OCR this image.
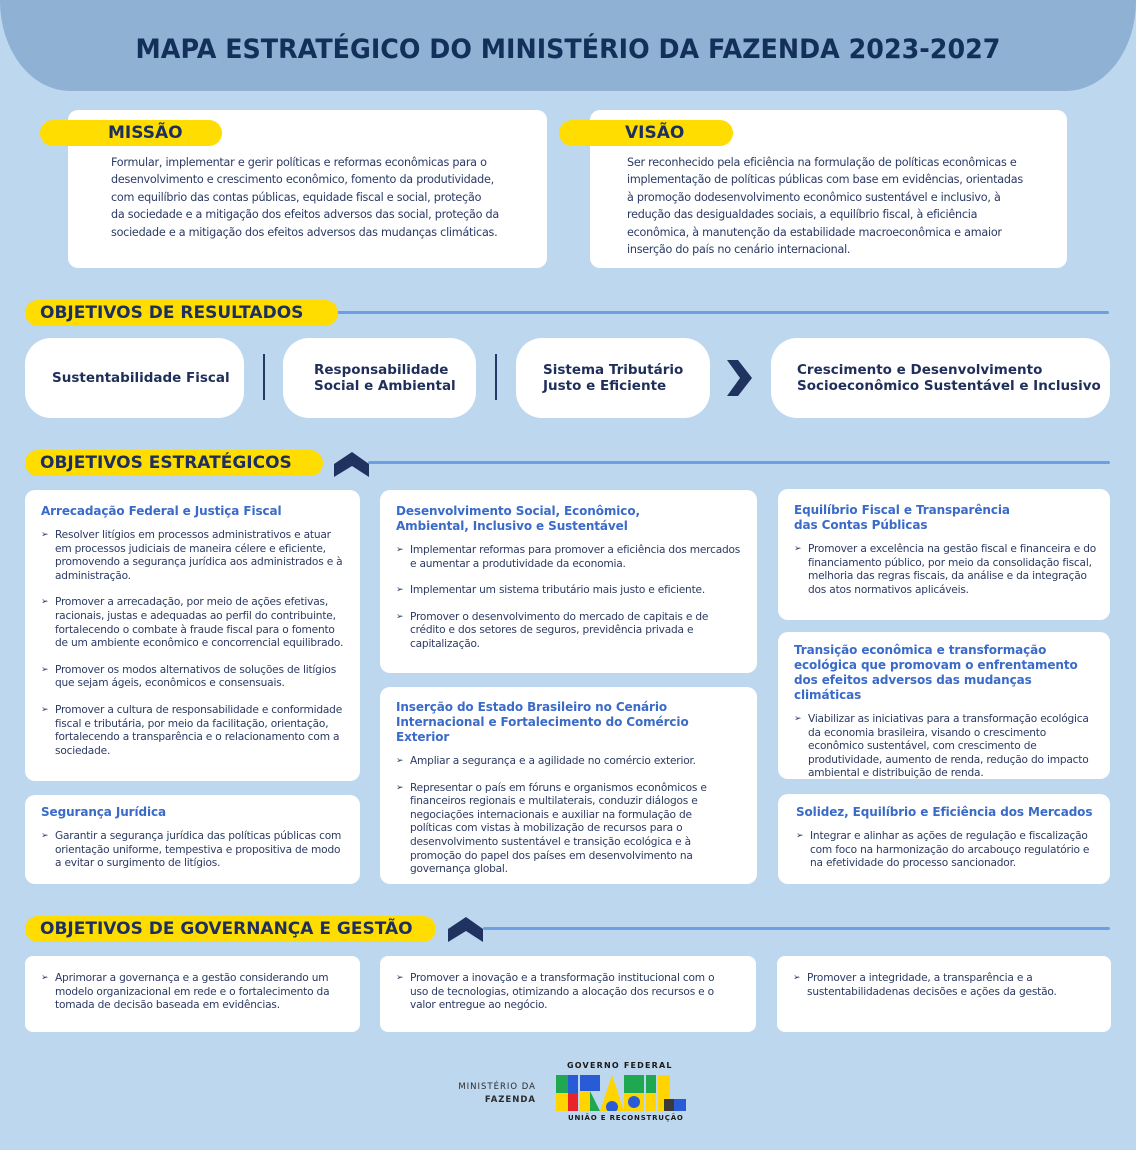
MAPA ESTRATÉGICO DO MINISTÉRIO DA FAZENDA 2023-2027
MISSÃO
Formular, implementar e gerir políticas e reformas econômicas para o
desenvolvimento e crescimento econômico, fomento da produtividade,
com equilíbrio das contas públicas, equidade fiscal e social, proteção
da sociedade e a mitigação dos efeitos adversos das social, proteção da
sociedade e a mitigação dos efeitos adversos das mudanças climáticas.
VISÃO
Ser reconhecido pela eficiência na formulação de políticas econômicas e
implementação de políticas públicas com base em evidências, orientadas
à promoção dodesenvolvimento econômico sustentável e inclusivo, à
redução das desigualdades sociais, a equilíbrio fiscal, à eficiência
econômica, à manutenção da estabilidade macroeconômica e amaior
inserção do país no cenário internacional.
OBJETIVOS DE RESULTADOS
Sustentabilidade Fiscal	Responsabilidade
Social e Ambiental
Sistema Tributário
Justo e Eficiente
Crescimento e Desenvolvimento
Socioeconômico Sustentável e Inclusivo
OBJETIVOS ESTRATÉGICOS
Arrecadação Federal e Justiça Fiscal
➢ Resolver litígios em processos administrativos e atuar em processos judiciais de maneira célere e eficiente, promovendo a segurança jurídica aos administrados e à administração.
➢ Promover a arrecadação, por meio de ações efetivas, racionais, justas e adequadas ao perfil do contribuinte, fortalecendo o combate à fraude fiscal para o fomento de um ambiente econômico e concorrencial equilibrado.
➢ Promover os modos alternativos de soluções de litígios que sejam ágeis, econômicos e consensuais.
➢ Promover a cultura de responsabilidade e conformidade fiscal e tributária, por meio da facilitação, orientação, fortalecendo a transparência e o relacionamento com a sociedade.
Segurança Jurídica
➢ Garantir a segurança jurídica das políticas públicas com orientação uniforme, tempestiva e propositiva de modo a evitar o surgimento de litígios.
Desenvolvimento Social, Econômico, Ambiental, Inclusivo e Sustentável
➢ Implementar reformas para promover a eficiência dos mercados e aumentar a produtividade da economia.
➢ Implementar um sistema tributário mais justo e eficiente.
➢ Promover o desenvolvimento do mercado de capitais e de crédito e dos setores de seguros, previdência privada e capitalização.
Inserção do Estado Brasileiro no Cenário Internacional e Fortalecimento do Comércio Exterior
➢ Ampliar a segurança e a agilidade no comércio exterior.
➢ Representar o país em fóruns e organismos econômicos e financeiros regionais e multilaterais, conduzir diálogos e negociações internacionais e auxiliar na formulação de políticas com vistas à mobilização de recursos para o desenvolvimento sustentável e transição ecológica e à promoção do papel dos países em desenvolvimento na governança global.
Equilíbrio Fiscal e Transparência das Contas Públicas
➢ Promover a excelência na gestão fiscal e financeira e do financiamento público, por meio da consolidação fiscal, melhoria das regras fiscais, da análise e da integração dos atos normativos aplicáveis.
Transição econômica e transformação ecológica que promovam o enfrentamento dos efeitos adversos das mudanças climáticas
➢ Viabilizar as iniciativas para a transformação ecológica da economia brasileira, visando o crescimento econômico sustentável, com crescimento de produtividade, aumento de renda, redução do impacto ambiental e distribuição de renda.
Solidez, Equilíbrio e Eficiência dos Mercados
➢ Integrar e alinhar as ações de regulação e fiscalização com foco na harmonização do arcabouço regulatório e na efetividade do processo sancionador.
OBJETIVOS DE GOVERNANÇA E GESTÃO
➢ Aprimorar a governança e a gestão considerando um modelo organizacional em rede e o fortalecimento da tomada de decisão baseada em evidências.
➢ Promover a inovação e a transformação institucional com o uso de tecnologias, otimizando a alocação dos recursos e o valor entregue ao negócio.
➢ Promover a integridade, a transparência e a sustentabilidadenas decisões e ações da gestão.
MINISTÉRIO DA
FAZENDA
GOVERNO FEDERAL
UNIÃO E RECONSTRUÇÃO
